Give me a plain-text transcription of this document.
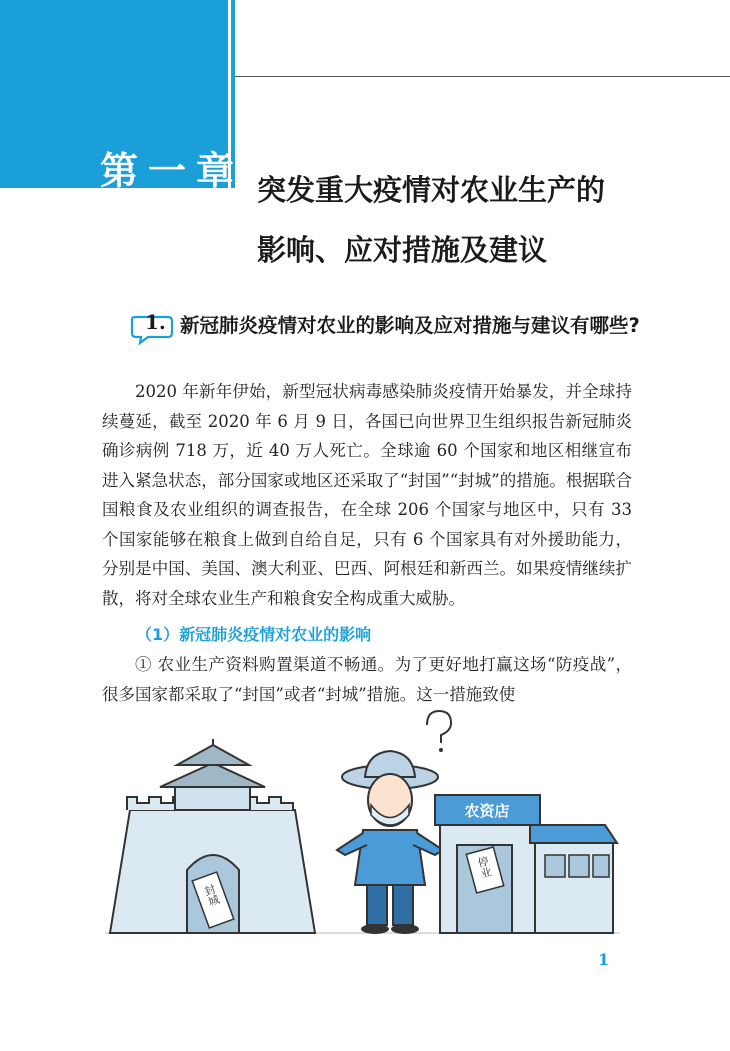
第一章 突发重大疫情对农业生产的
影响、应对措施及建议
1. 新冠肺炎疫情对农业的影响及应对措施与建议有哪些?

2020 年新年伊始，新型冠状病毒感染肺炎疫情开始暴发，并全球持续蔓延，截至 2020 年 6 月 9 日，各国已向世界卫生组织报告新冠肺炎确诊病例 718 万，近 40 万人死亡。全球逾 60 个国家和地区相继宣布进入紧急状态，部分国家或地区还采取了“封国”“封城”的措施。根据联合国粮食及农业组织的调查报告，在全球 206 个国家与地区中，只有 33 个国家能够在粮食上做到自给自足，只有 6 个国家具有对外援助能力，分别是中国、美国、澳大利亚、巴西、阿根廷和新西兰。如果疫情继续扩散，将对全球农业生产和粮食安全构成重大威胁。

（1）新冠肺炎疫情对农业的影响

① 农业生产资料购置渠道不畅通。为了更好地打赢这场“防疫战”，很多国家都采取了“封国”或者“封城”措施。这一措施致使

封城
农资店
停业
1
